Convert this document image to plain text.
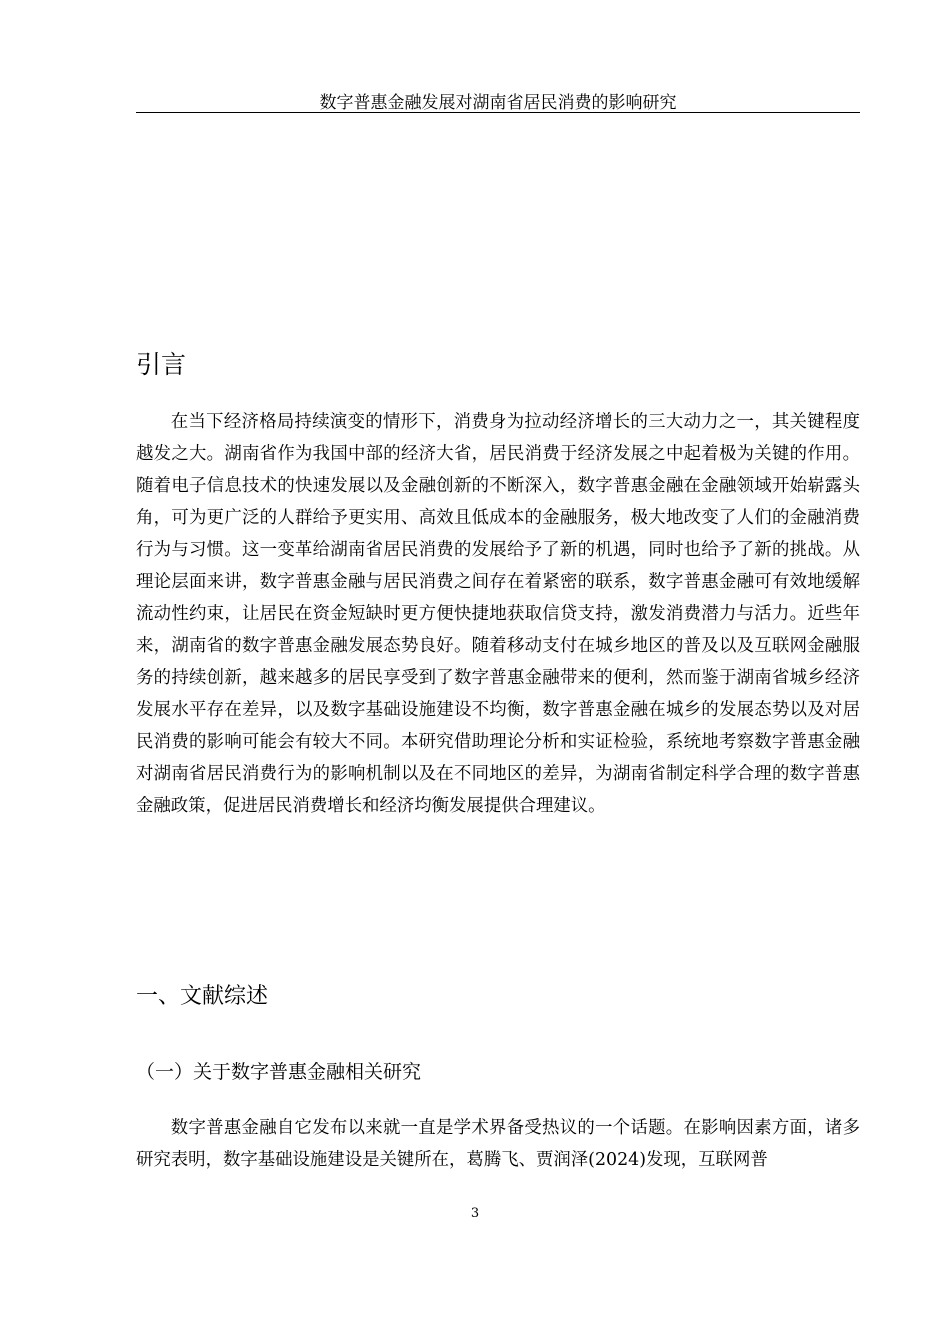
数字普惠金融发展对湖南省居民消费的影响研究
引言

在当下经济格局持续演变的情形下，消费身为拉动经济增长的三大动力之一，其关键程度越发之大。湖南省作为我国中部的经济大省，居民消费于经济发展之中起着极为关键的作用。随着电子信息技术的快速发展以及金融创新的不断深入，数字普惠金融在金融领域开始崭露头角，可为更广泛的人群给予更实用、高效且低成本的金融服务，极大地改变了人们的金融消费行为与习惯。这一变革给湖南省居民消费的发展给予了新的机遇，同时也给予了新的挑战。从理论层面来讲，数字普惠金融与居民消费之间存在着紧密的联系，数字普惠金融可有效地缓解流动性约束，让居民在资金短缺时更方便快捷地获取信贷支持，激发消费潜力与活力。近些年来，湖南省的数字普惠金融发展态势良好。随着移动支付在城乡地区的普及以及互联网金融服务的持续创新，越来越多的居民享受到了数字普惠金融带来的便利，然而鉴于湖南省城乡经济发展水平存在差异，以及数字基础设施建设不均衡，数字普惠金融在城乡的发展态势以及对居民消费的影响可能会有较大不同。本研究借助理论分析和实证检验，系统地考察数字普惠金融对湖南省居民消费行为的影响机制以及在不同地区的差异，为湖南省制定科学合理的数字普惠金融政策，促进居民消费增长和经济均衡发展提供合理建议。

一、文献综述
（一）关于数字普惠金融相关研究

数字普惠金融自它发布以来就一直是学术界备受热议的一个话题。在影响因素方面，诸多研究表明，数字基础设施建设是关键所在，葛腾飞、贾润泽(2024)发现，互联网普

3
